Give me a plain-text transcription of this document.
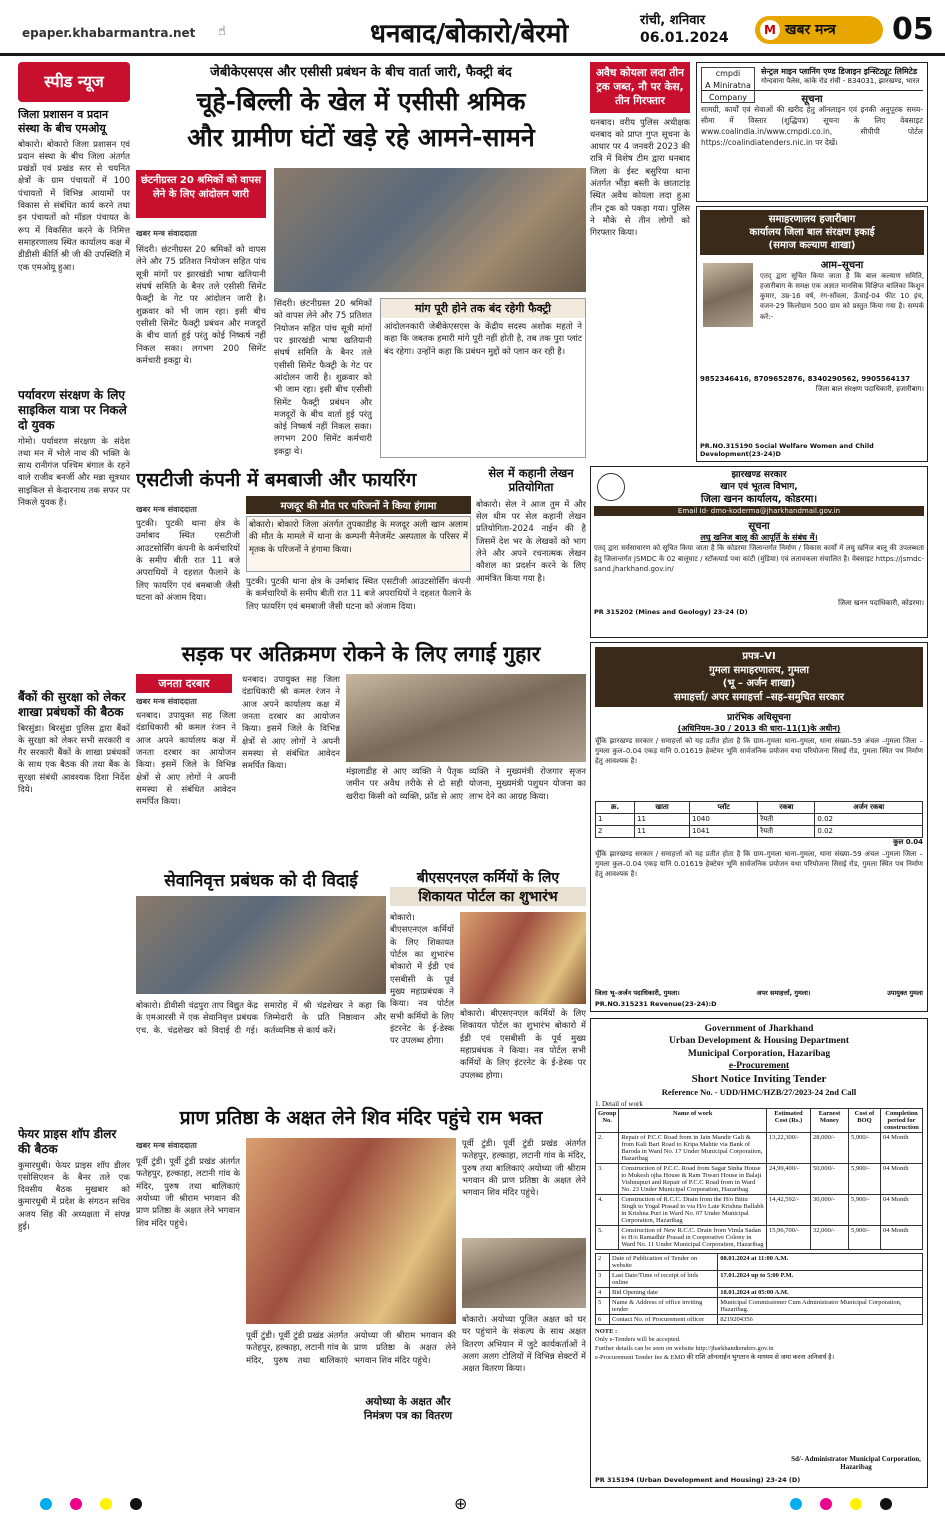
epaper.khabarmantra.net ☝	धनबाद/बोकारो/बेरमो	रांची, शनिवार
06.01.2024	M खबर मन्त्र	05
स्पीड न्यूज
जिला प्रशासन व प्रदान संस्था के बीच एमओयू
बोकारो। बोकारो जिला प्रशासन एवं प्रदान संस्था के बीच जिला अंतर्गत प्रखंडों एवं प्रखंड स्तर से चयनित क्षेत्रों के ग्राम पंचायतों में 100 पंचायतों में विभिन्न आयामों पर विकास से संबंधित कार्य करने तथा इन पंचायतों को मॉडल पंचायत के रूप में विकसित करने के निमित्त समाहरणालय स्थित कार्यालय कक्ष में डीडीसी कीर्ति श्री जी की उपस्थिति में एक एमओयू हुआ।
पर्यावरण संरक्षण के लिए साइकिल यात्रा पर निकले दो युवक
गोमो। पर्यावरण संरक्षण के संदेश तथा मन में भोले नाथ की भक्ति के साथ रानीगंज पश्चिम बंगाल के रहने वाले राजीव बनर्जी और मन्ना सूत्रधार साइकिल से केदारनाथ तक सफर पर निकले युवक हैं।
बैंकों की सुरक्षा को लेकर शाखा प्रबंधकों की बैठक
बिरसुंडा। बिरसुंडा पुलिस द्वारा बैंकों के सुरक्षा को लेकर सभी सरकारी व गैर सरकारी बैंकों के शाखा प्रबंधकों के साथ एक बैठक की तथा बैंक के सुरक्षा संबंधी आवश्यक दिशा निर्देश दिये।
फेयर प्राइस शॉप डीलर की बैठक
कुमारधुबी। फेयर प्राइस शॉप डीलर एसोसिएशन के बैनर तले एक दिवसीय बैठक मुखबार को कुमारधुबी में प्रदेश के संगठन सचिव अजय सिंह की अध्यक्षता में संपन्न हुई।
जेबीकेएसएस और एसीसी प्रबंधन के बीच वार्ता जारी, फैक्ट्री बंद
चूहे-बिल्ली के खेल में एसीसी श्रमिक
और ग्रामीण घंटों खड़े रहे आमने-सामने
छंटनीग्रस्त 20 श्रमिकों को वापस लेने के लिए आंदोलन जारी
खबर मन्त्र संवाददाता
सिंदरी। छंटनीग्रस्त 20 श्रमिकों को वापस लेने और 75 प्रतिशत नियोजन सहित पांच सूत्री मांगों पर झारखंडी भाषा खतियानी संघर्ष समिति के बैनर तले एसीसी सिमेंट फैक्ट्री के गेट पर आंदोलन जारी है। शुक्रवार को भी जाम रहा। इसी बीच एसीसी सिमेंट फैक्ट्री प्रबंधन और मजदूरों के बीच वार्ता हुई परंतु कोई निष्कर्ष नहीं निकल सका। लगभग 200 सिमेंट कर्मचारी इकट्ठा थे।
सिंदरी। छंटनीग्रस्त 20 श्रमिकों को वापस लेने और 75 प्रतिशत नियोजन सहित पांच सूत्री मांगों पर झारखंडी भाषा खतियानी संघर्ष समिति के बैनर तले एसीसी सिमेंट फैक्ट्री के गेट पर आंदोलन जारी है। शुक्रवार को भी जाम रहा। इसी बीच एसीसी सिमेंट फैक्ट्री प्रबंधन और मजदूरों के बीच वार्ता हुई परंतु कोई निष्कर्ष नहीं निकल सका। लगभग 200 सिमेंट कर्मचारी इकट्ठा थे।
मांग पूरी होने तक बंद रहेगी फैक्ट्री
आंदोलनकारी जेबीकेएसएस के केंद्रीय सदस्य अशोक महतो ने कहा कि जबतक हमारी मांगे पूरी नहीं होती है, तब तक पुरा प्लांट बंद रहेगा। उन्होंने कहा कि प्रबंधन मुद्दों को प्लान कर रही है।
अवैध कोयला लदा तीन ट्रक जब्त, नौ पर केस, तीन गिरफ्तार
धनबाद। वरीय पुलिस अधीक्षक धनबाद को प्राप्त गुप्त सूचना के आधार पर 4 जनवरी 2023 की रात्रि में विशेष टीम द्वारा धनबाद जिला के ईस्ट बसुरिया थाना अंतर्गत भौंड़ा बस्ती के छाताटांड़ स्थित अवैध कोयला लदा हुआ तीन ट्रक को पकड़ा गया। पुलिस ने मौके से तीन लोगों को गिरफ्तार किया।
cmpdi
A Miniratna Company
सेन्ट्रल माइन प्लानिंग एण्ड डिजाइन इन्स्टिट्यूट लिमिटेड
गोन्दवाना पैलेस, कांके रोड रांची - 834031, झारखण्ड, भारत
सूचना
सामग्री, कार्यों एवं सेवाओं की खरीद हेतु ऑनलाइन एवं इनकी अनुपूरक समय-सीमा में विस्तार (शुद्धिपत्र) सूचना के लिए वेबसाइट www.coalindia.in/www.cmpdi.co.in, सीपीपी पोर्टल https://coalindiatenders.nic.in पर देखें।
समाहरणालय हजारीबाग
कार्यालय जिला बाल संरक्षण इकाई
(समाज कल्याण शाखा)
आम–सूचना
एतद् द्वारा सूचित किया जाता है कि बाल कल्याण समिति, हजारीबाग के समक्ष एक अज्ञात मानसिक विक्षिप्त बालिका किशुन कुमार, उम्र-16 वर्ष, रंग-साँवला, ऊँचाई-04 फीट 10 इंच, वजन-29 किलोग्राम 500 ग्राम को प्रस्तुत किया गया है। सम्पर्क करें:-
9852346416, 8709652876, 8340290562, 9905564137
जिला बाल संरक्षण पदाधिकारी, हजारीबाग।
PR.NO.315190 Social Welfare Women and Child Development(23-24)D
एसटीजी कंपनी में बमबाजी और फायरिंग
मजदूर की मौत पर परिजनों ने किया हंगामा
खबर मन्त्र संवाददाता
पुटकी। पुटकी थाना क्षेत्र के उर्माबाद स्थित एसटीजी आउटसोर्सिंग कंपनी के कर्मचारियों के समीप बीती रात 11 बजे अपराधियों ने दहशत फैलाने के लिए फायरिंग एवं बमबाजी जैसी घटना को अंजाम दिया।
बोकारो। बोकारो जिला अंतर्गत तुपकाडीह के मजदूर अली खान अलाम की मौत के मामले में थाना के कम्पनी मैनेजमेंट अस्पताल के परिसर में मृतक के परिजनों ने हंगामा किया।
पुटकी। पुटकी थाना क्षेत्र के उर्माबाद स्थित एसटीजी आउटसोर्सिंग कंपनी के कर्मचारियों के समीप बीती रात 11 बजे अपराधियों ने दहशत फैलाने के लिए फायरिंग एवं बमबाजी जैसी घटना को अंजाम दिया।
सेल में कहानी लेखन प्रतियोगिता
बोकारो। सेल ने आज तुम में और सेल थीम पर सेल कहानी लेखन प्रतियोगिता-2024 नाईन की है जिसमें देश भर के लेखकों को भाग लेने और अपने रचनात्मक लेखन कौशल का प्रदर्शन करने के लिए आमंत्रित किया गया है।
झारखण्ड सरकार
खान एवं भूतत्व विभाग,
जिला खनन कार्यालय, कोडरमा।
Email Id- dmo-koderma@jharkhandmail.gov.in
सूचना
लघु खनिज बालू की आपूर्ति के संबंध में।
एतद् द्वारा सर्वसाधारण को सूचित किया जाता है कि कोडरमा जिलान्तर्गत निर्माण / विकास कार्यों में लघु खनिज बालू की उपलब्धता हेतु जिलान्तर्गत JSMDC के 02 बालूघाट / स्टॉकयार्ड पथा कांटी (मुंडिया) एवं लतावकला संचालित है। वेबसाइट https://jsmdc-sand.jharkhand.gov.in/
जिला खनन पदाधिकारी, कोडरमा।
PR 315202 (Mines and Geology) 23-24 (D)
सड़क पर अतिक्रमण रोकने के लिए लगाई गुहार
जनता दरबार
खबर मन्त्र संवाददाता
धनबाद। उपायुक्त सह जिला दंडाधिकारी श्री कमल रंजन ने आज अपने कार्यालय कक्ष में जनता दरबार का आयोजन किया। इसमें जिले के विभिन्न क्षेत्रों से आए लोगों ने अपनी समस्या से संबंधित आवेदन समर्पित किया।
धनबाद। उपायुक्त सह जिला दंडाधिकारी श्री कमल रंजन ने आज अपने कार्यालय कक्ष में जनता दरबार का आयोजन किया। इसमें जिले के विभिन्न क्षेत्रों से आए लोगों ने अपनी समस्या से संबंधित आवेदन समर्पित किया।
मंझलाडीह से आए व्यक्ति ने पैतृक जमीन पर अवैध तरीके से दो सही खरीदा किसी को व्यक्ति, फ्रॉड से आए व्यक्ति ने मुख्यमंत्री रोजगार सृजन योजना, मुख्यमंत्री पशुधन योजना का लाभ देने का आग्रह किया।
सेवानिवृत्त प्रबंधक को दी विदाई
बोकारो। डीवीसी चंद्रपुरा ताप विद्युत केंद्र के एमआरसी में एक सेवानिवृत्त प्रबंधक एच. के. चंद्रशेखर को विदाई दी गई। समारोह में श्री चंद्रशेखर ने कहा कि जिम्मेदारी के प्रति निष्ठावान और कर्तव्यनिष्ठ से कार्य करें।
बीएसएनएल कर्मियों के लिए
शिकायत पोर्टल का शुभारंभ
बोकारो। बीएसएनएल कर्मियों के लिए शिकायत पोर्टल का शुभारंभ बोकारो में ईडी एवं एसबीसी के पूर्व मुख्य महाप्रबंधक ने किया। नव पोर्टल सभी कर्मियों के लिए इंटरनेट के ई-डेस्क पर उपलब्ध होगा।
बोकारो। बीएसएनएल कर्मियों के लिए शिकायत पोर्टल का शुभारंभ बोकारो में ईडी एवं एसबीसी के पूर्व मुख्य महाप्रबंधक ने किया। नव पोर्टल सभी कर्मियों के लिए इंटरनेट के ई-डेस्क पर उपलब्ध होगा।
प्रपत्र–VI
गुमला समाहरणालय, गुमला
(भू – अर्जन शाखा)
समाहर्त्ता/ अपर समाहर्त्ता –सह–समुचित सरकार
प्रारंभिक अधिसूचना
(अधिनियम–30 / 2013 की धारा–11(1)के अधीन)
चूँकि झारखण्ड सरकार / समाहर्त्ता को यह प्रतीत होता है कि ग्राम–गुमला थाना–गुमला, थाना संख्या–59 अंचल –गुमला जिला –गुमला कुल–0.04 एकड़ यानि 0.01619 हेक्टेयर भूमि सार्वजनिक प्रयोजन यथा परियोजना सिसई रोड, गुमला स्थित पथ निर्माण हेतु आवश्यक है।
क्र.	खाता	प्लॉट	रकबा	अर्जन रकबा
1	11	1040	रैयती	0.02
2	11	1041	रैयती	0.02
कुल 0.04
चूँकि झारखण्ड सरकार / समाहर्त्ता को यह प्रतीत होता है कि ग्राम–गुमला थाना–गुमला, थाना संख्या–59 अंचल –गुमला जिला –गुमला कुल–0.04 एकड़ यानि 0.01619 हेक्टेयर भूमि सार्वजनिक प्रयोजन यथा परियोजना सिसई रोड, गुमला स्थित पथ निर्माण हेतु आवश्यक है।
जिला भू–अर्जन पदाधिकारी, गुमला।	अपर समाहर्त्ता, गुमला।	उपायुक्त गुमला
PR.NO.315231 Revenue(23-24):D
प्राण प्रतिष्ठा के अक्षत लेने शिव मंदिर पहुंचे राम भक्त
खबर मन्त्र संवाददाता
पूर्वी टुंडी। पूर्वी टुंडी प्रखंड अंतर्गत फतेहपुर, हल्काहा, लटानी गांव के मंदिर, पुरुष तथा बालिकाएं अयोध्या जी श्रीराम भगवान की प्राण प्रतिष्ठा के अक्षत लेने भगवान शिव मंदिर पहुंचे।
पूर्वी टुंडी। पूर्वी टुंडी प्रखंड अंतर्गत फतेहपुर, हल्काहा, लटानी गांव के मंदिर, पुरुष तथा बालिकाएं अयोध्या जी श्रीराम भगवान की प्राण प्रतिष्ठा के अक्षत लेने भगवान शिव मंदिर पहुंचे।
पूर्वी टुंडी। पूर्वी टुंडी प्रखंड अंतर्गत फतेहपुर, हल्काहा, लटानी गांव के मंदिर, पुरुष तथा बालिकाएं अयोध्या जी श्रीराम भगवान की प्राण प्रतिष्ठा के अक्षत लेने भगवान शिव मंदिर पहुंचे।
अयोध्या के अक्षत और निमंत्रण पत्र का वितरण
बोकारो। अयोध्या पूजित अक्षत को घर घर पहुंचाने के संकल्प के साथ अक्षत वितरण अभियान में जुटे कार्यकर्ताओं ने अलग अलग टोलियों में विभिन्न सेक्टरों में अक्षत वितरण किया।
Government of Jharkhand
Urban Development & Housing Department
Municipal Corporation, Hazaribag
e-Procurement
Short Notice Inviting Tender
Reference No. - UDD/HMC/HZB/27/2023-24 2nd Call
1. Detail of work
Group No.	Name of work	Estimated Cost (Rs.)	Earnest Money	Cost of BOQ	Completion period for construction
2.	Repair of P.C.C Road from in Jain Mandir Gali & from Kali Bari Road to Kripa Mahtie via Bank of Baroda in Ward No. 17 Under Municipal Corporation, Hazaribag	13,22,300/-	28,000/-	5,900/-	04 Month
3.	Construction of P.C.C. Road from Sagar Sinha House to Mukesh ojha House & Ram Tiwari House in Balaji Vishnupuri and Repair of P.C.C Road from in Ward No. 23 Under Municipal Corporation, Hazaribag	24,99,400/-	50,000/-	5,900/-	04 Month
4.	Construction of R.C.C. Drain from the H/o Bittu Singh to Yogal Prasad to via H/o Late Krishna Ballabh in Krishna Puri in Ward No. 07 Under Municipal Corporation, Hazaribag	14,42,592/-	30,000/-	5,900/-	04 Month
5.	Construction of New R.C.C. Drain from Vimla Sadan to H/o Ramadhir Prasad in Cooperative Colony in Ward No. 11 Under Municipal Corporation, Hazaribag	15,96,700/-	32,000/-	5,900/-	04 Month
2	Date of Publication of Tender on website	08.01.2024 at 11:00 A.M.
3	Last Date/Time of receipt of bids online	17.01.2024 up to 5:00 P.M.
4	Bid Opening date	18.01.2024 at 05:00 A.M.
5	Name & Address of office inviting tender	Municipal Commissioner Cum Administrator Municipal Corporation, Hazaribag.
6	Contact No. of Procurement officer	8219204356
NOTE :
Only e-Tenders will be accepted.
Further details can be seen on website http://jharkhandtenders.gov.in
e-Procurement Tender fee & EMD की राशि ऑनलाईन भुगतान के माध्यम से जमा करना अनिवार्य है।
Sd/- Administrator Municipal Corporation, Hazaribag
PR 315194 (Urban Development and Housing) 23-24 (D)
⊕
